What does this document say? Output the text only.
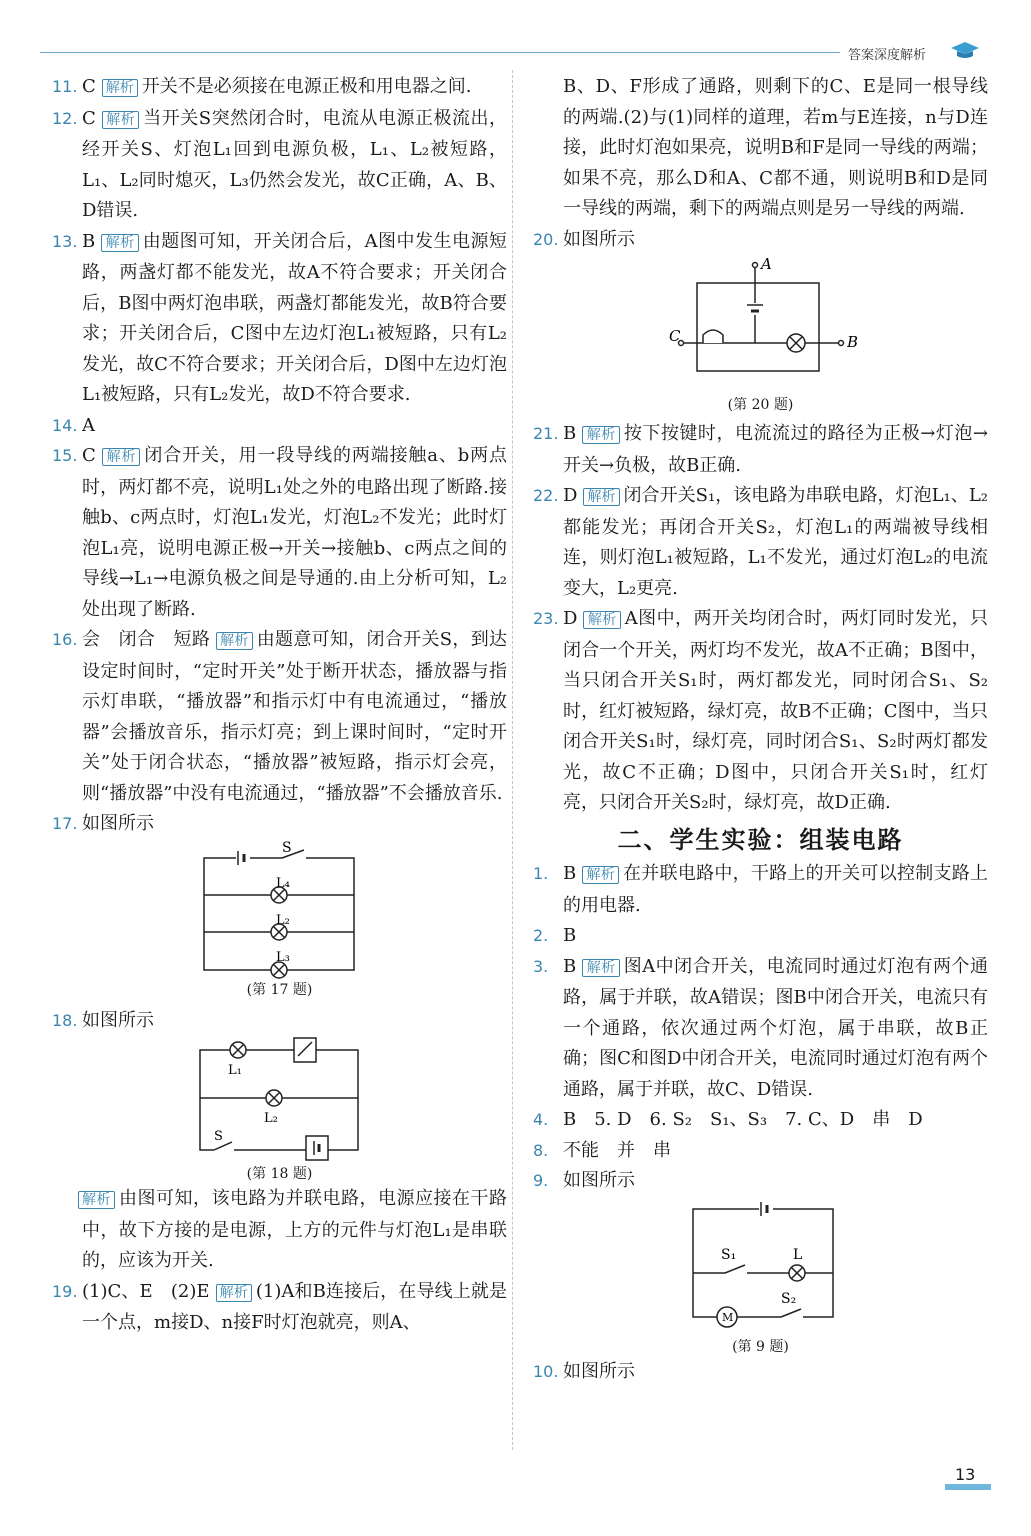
答案深度解析
11. C 解析 开关不是必须接在电源正极和用电器之间.
12. C 解析 当开关S突然闭合时，电流从电源正极流出，经开关S、灯泡L₁回到电源负极，L₁、L₂被短路，L₁、L₂同时熄灭，L₃仍然会发光，故C正确，A、B、D错误.
13. B 解析 由题图可知，开关闭合后，A图中发生电源短路，两盏灯都不能发光，故A不符合要求；开关闭合后，B图中两灯泡串联，两盏灯都能发光，故B符合要求；开关闭合后，C图中左边灯泡L₁被短路，只有L₂发光，故C不符合要求；开关闭合后，D图中左边灯泡L₁被短路，只有L₂发光，故D不符合要求.
14. A
15. C 解析 闭合开关，用一段导线的两端接触a、b两点时，两灯都不亮，说明L₁处之外的电路出现了断路.接触b、c两点时，灯泡L₁发光，灯泡L₂不发光；此时灯泡L₁亮，说明电源正极→开关→接触b、c两点之间的导线→L₁→电源负极之间是导通的.由上分析可知，L₂处出现了断路.
16. 会　闭合　短路 解析 由题意可知，闭合开关S，到达设定时间时，“定时开关”处于断开状态，播放器与指示灯串联，“播放器”和指示灯中有电流通过，“播放器”会播放音乐，指示灯亮；到上课时间时，“定时开关”处于闭合状态，“播放器”被短路，指示灯会亮，则“播放器”中没有电流通过，“播放器”不会播放音乐.
17. 如图所示
S
L₄
L₂
L₃
(第 17 题)
18. 如图所示
L₁
L₂
S
(第 18 题)
解析 由图可知，该电路为并联电路，电源应接在干路中，故下方接的是电源，上方的元件与灯泡L₁是串联的，应该为开关.
19. (1)C、E　(2)E 解析 (1)A和B连接后，在导线上就是一个点，m接D、n接F时灯泡就亮，则A、
B、D、F形成了通路，则剩下的C、E是同一根导线的两端.(2)与(1)同样的道理，若m与E连接，n与D连接，此时灯泡如果亮，说明B和F是同一导线的两端；如果不亮，那么D和A、C都不通，则说明B和D是同一导线的两端，剩下的两端点则是另一导线的两端.
20. 如图所示
A
C	B
(第 20 题)
21. B 解析 按下按键时，电流流过的路径为正极→灯泡→开关→负极，故B正确.
22. D 解析 闭合开关S₁，该电路为串联电路，灯泡L₁、L₂都能发光；再闭合开关S₂，灯泡L₁的两端被导线相连，则灯泡L₁被短路，L₁不发光，通过灯泡L₂的电流变大，L₂更亮.
23. D 解析 A图中，两开关均闭合时，两灯同时发光，只闭合一个开关，两灯均不发光，故A不正确；B图中，当只闭合开关S₁时，两灯都发光，同时闭合S₁、S₂时，红灯被短路，绿灯亮，故B不正确；C图中，当只闭合开关S₁时，绿灯亮，同时闭合S₁、S₂时两灯都发光，故C不正确；D图中，只闭合开关S₁时，红灯亮，只闭合开关S₂时，绿灯亮，故D正确.
二、学生实验：组装电路
1. B 解析 在并联电路中，干路上的开关可以控制支路上的用电器.
2. B
3. B 解析 图A中闭合开关，电流同时通过灯泡有两个通路，属于并联，故A错误；图B中闭合开关，电流只有一个通路，依次通过两个灯泡，属于串联，故B正确；图C和图D中闭合开关，电流同时通过灯泡有两个通路，属于并联，故C、D错误.
4. B　5. D　6. S₂　S₁、S₃　7. C、D　串　D
8. 不能　并　串
9. 如图所示
S₁	L
S₂
M
(第 9 题)
10. 如图所示
13
